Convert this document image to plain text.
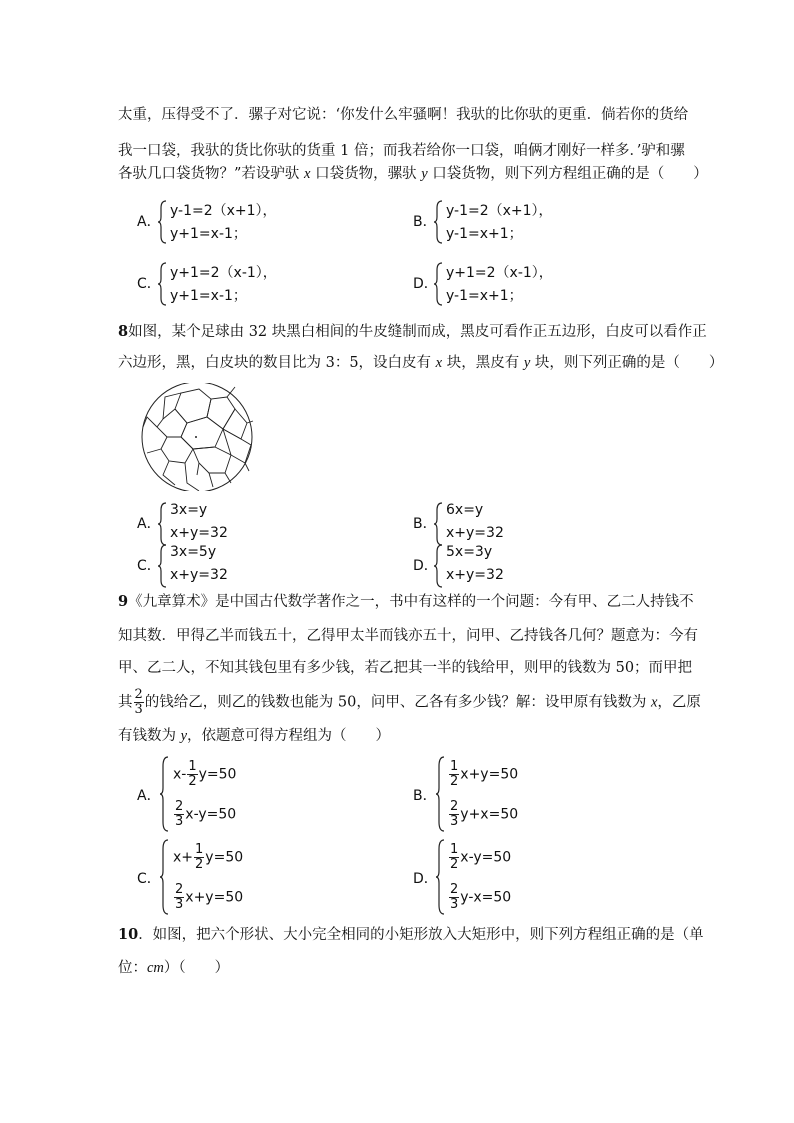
太重，压得受不了．骡子对它说：‘你发什么牢骚啊！我驮的比你驮的更重．倘若你的货给
我一口袋，我驮的货比你驮的货重 1 倍；而我若给你一口袋，咱俩才刚好一样多．’驴和骡
各驮几口袋货物？”若设驴驮 x 口袋货物，骡驮 y 口袋货物，则下列方程组正确的是（　　）
A．
y-1=2（x+1），
y+1=x-1；
B．
y-1=2（x+1），
y-1=x+1；
C．
y+1=2（x-1），
y+1=x-1；
D．
y+1=2（x-1），
y-1=x+1；
8如图，某个足球由 32 块黑白相间的牛皮缝制而成，黑皮可看作正五边形，白皮可以看作正
六边形，黑，白皮块的数目比为 3：5，设白皮有 x 块，黑皮有 y 块，则下列正确的是（　　）
A．
3x=y
x+y=32
B．
6x=y
x+y=32
C．
3x=5y
x+y=32
D．
5x=3y
x+y=32
9《九章算术》是中国古代数学著作之一，书中有这样的一个问题：今有甲、乙二人持钱不
知其数．甲得乙半而钱五十，乙得甲太半而钱亦五十，问甲、乙持钱各几何？题意为：今有
甲、乙二人，不知其钱包里有多少钱，若乙把其一半的钱给甲，则甲的钱数为 50；而甲把
其 $\frac{2}{3}$ 的钱给乙，则乙的钱数也能为 50，问甲、乙各有多少钱？解：设甲原有钱数为 x，乙原
有钱数为 y，依题意可得方程组为（　　）
A．
$x- \frac{1}{2} y=50$
$\frac{2}{3} x-y=50$
B．
$\frac{1}{2} x+y=50$
$\frac{2}{3} y+x=50$
C．
$x+ \frac{1}{2} y=50$
$\frac{2}{3} x+y=50$
D．
$\frac{1}{2} x-y=50$
$\frac{2}{3} y-x=50$
10．如图，把六个形状、大小完全相同的小矩形放入大矩形中，则下列方程组正确的是（单
位：cm）（　　）
